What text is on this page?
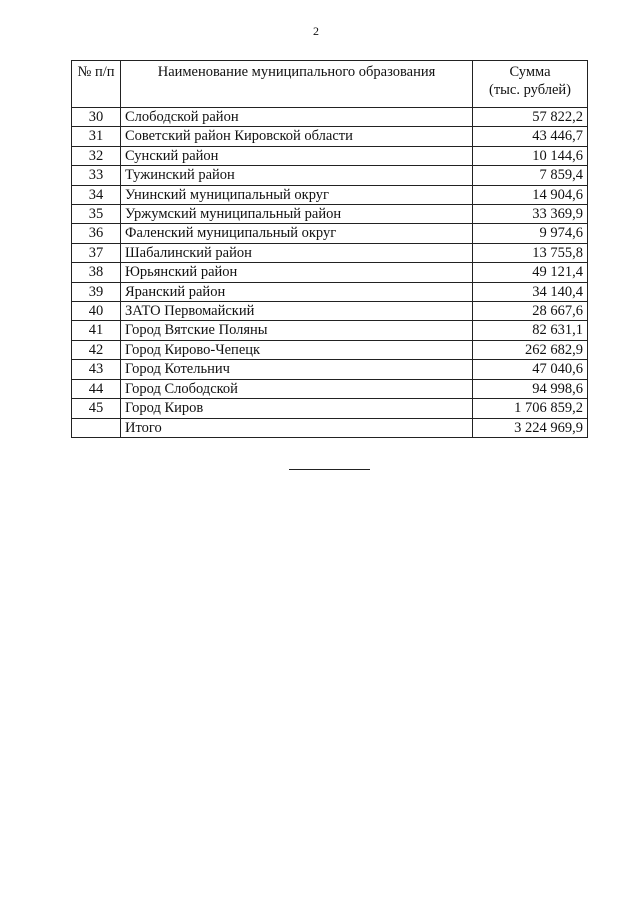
2
№ п/п	Наименование муниципального образования	Сумма
(тыс. рублей)

30	Слободской район	57 822,2
31	Советский район Кировской области	43 446,7
32	Сунский район	10 144,6
33	Тужинский район	7 859,4
34	Унинский муниципальный округ	14 904,6
35	Уржумский муниципальный район	33 369,9
36	Фаленский муниципальный округ	9 974,6
37	Шабалинский район	13 755,8
38	Юрьянский район	49 121,4
39	Яранский район	34 140,4
40	ЗАТО Первомайский	28 667,6
41	Город Вятские Поляны	82 631,1
42	Город Кирово-Чепецк	262 682,9
43	Город Котельнич	47 040,6
44	Город Слободской	94 998,6
45	Город Киров	1 706 859,2
	Итого	3 224 969,9
